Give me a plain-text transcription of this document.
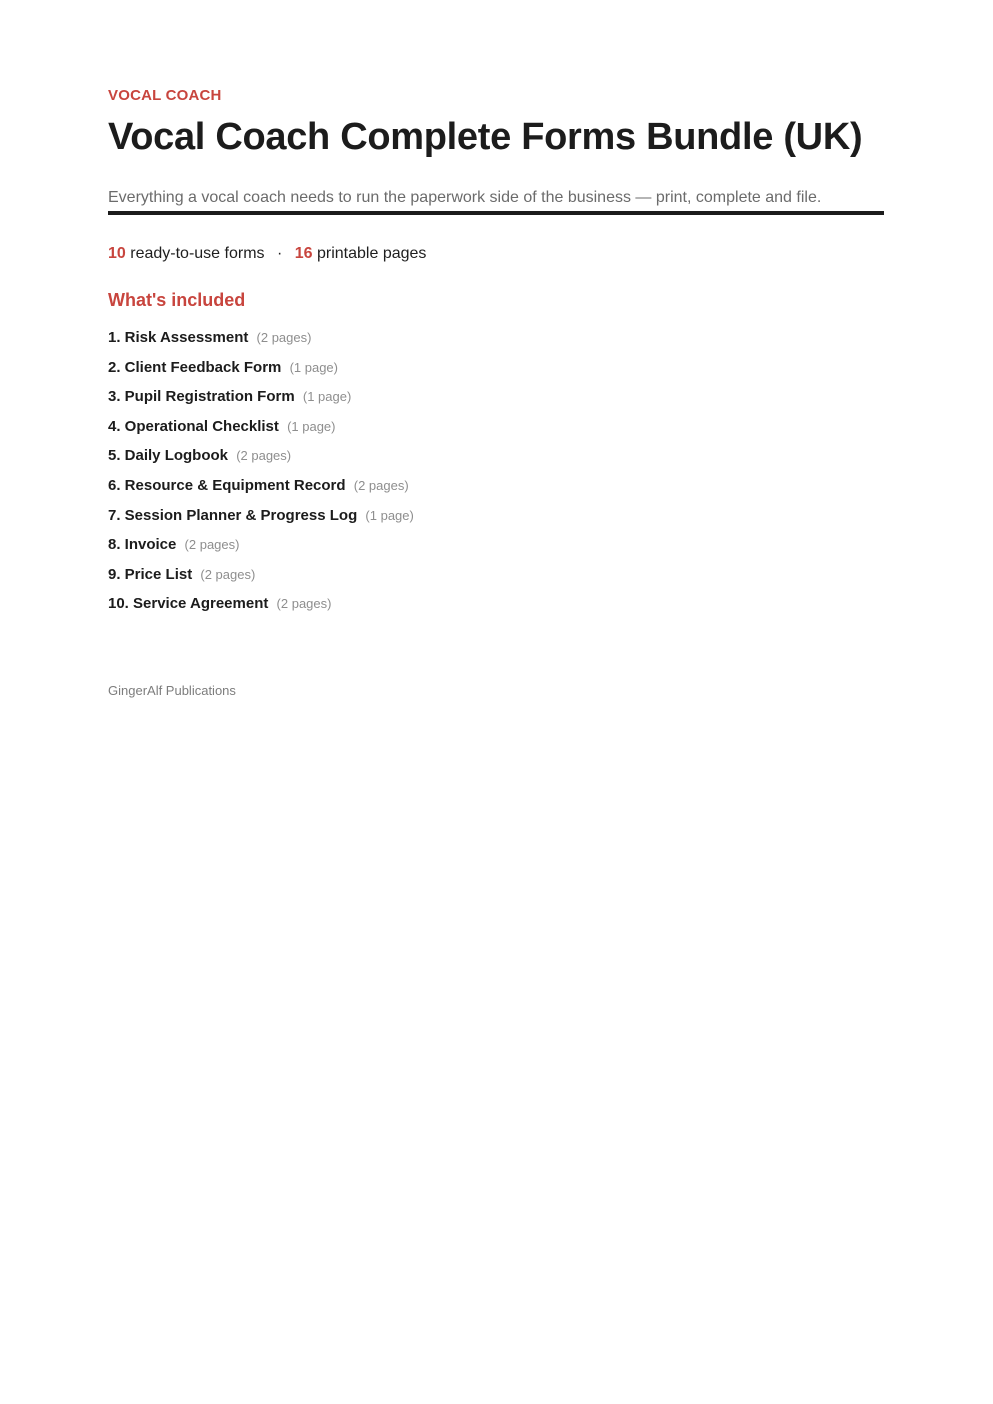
VOCAL COACH
Vocal Coach Complete Forms Bundle (UK)
Everything a vocal coach needs to run the paperwork side of the business — print, complete and file.
10 ready-to-use forms · 16 printable pages
What's included
1. Risk Assessment (2 pages)
2. Client Feedback Form (1 page)
3. Pupil Registration Form (1 page)
4. Operational Checklist (1 page)
5. Daily Logbook (2 pages)
6. Resource & Equipment Record (2 pages)
7. Session Planner & Progress Log (1 page)
8. Invoice (2 pages)
9. Price List (2 pages)
10. Service Agreement (2 pages)
GingerAlf Publications
